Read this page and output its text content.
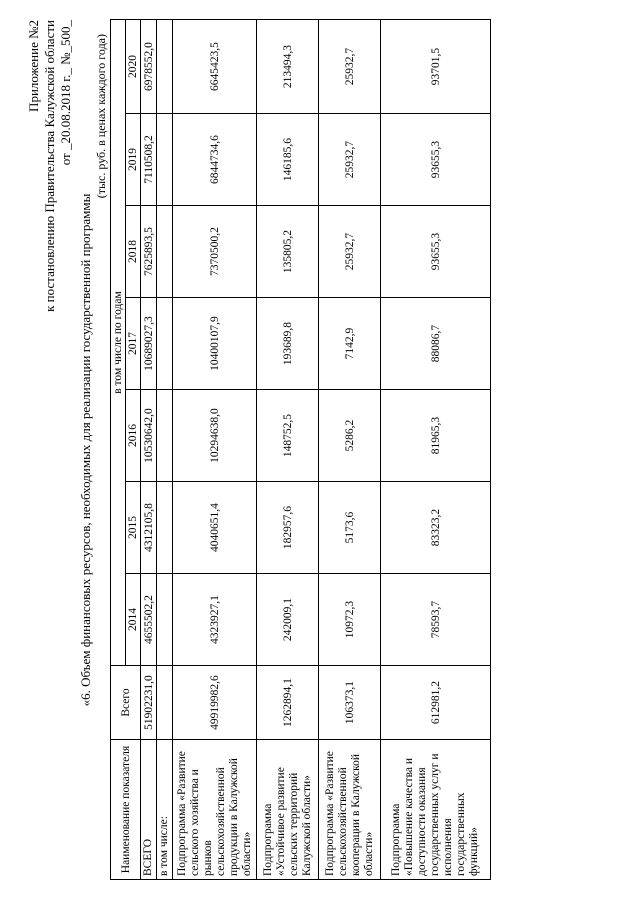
Приложение №2 к постановлению Правительства Калужской области от _20.08.2018 г._ №_500_
«6. Объем финансовых ресурсов, необходимых для реализации государственной программы
(тыс. руб. в ценах каждого года)
Наименование показателя	Всего	в том числе по годам						
		2014	2015	2016	2017	2018	2019	2020
ВСЕГО	51902231,0	4655502,2	4312105,8	10530642,0	10689027,3	7625893,5	7110508,2	6978552,0
в том числе:								
Подпрограмма «Развитие сельского хозяйства и рынков сельскохозяйственной продукции в Калужской области»	49919982,6	4323927,1	4040651,4	10294638,0	10400107,9	7370500,2	6844734,6	6645423,5
Подпрограмма «Устойчивое развитие сельских территорий Калужской области»	1262894,1	242009,1	182957,6	148752,5	193689,8	135805,2	146185,6	213494,3
Подпрограмма «Развитие сельскохозяйственной кооперации в Калужской области»	106373,1	10972,3	5173,6	5286,2	7142,9	25932,7	25932,7	25932,7
Подпрограмма «Повышение качества и доступности оказания государственных услуг и исполнения государственных функций»	612981,2	78593,7	83323,2	81965,3	88086,7	93655,3	93655,3	93701,5
